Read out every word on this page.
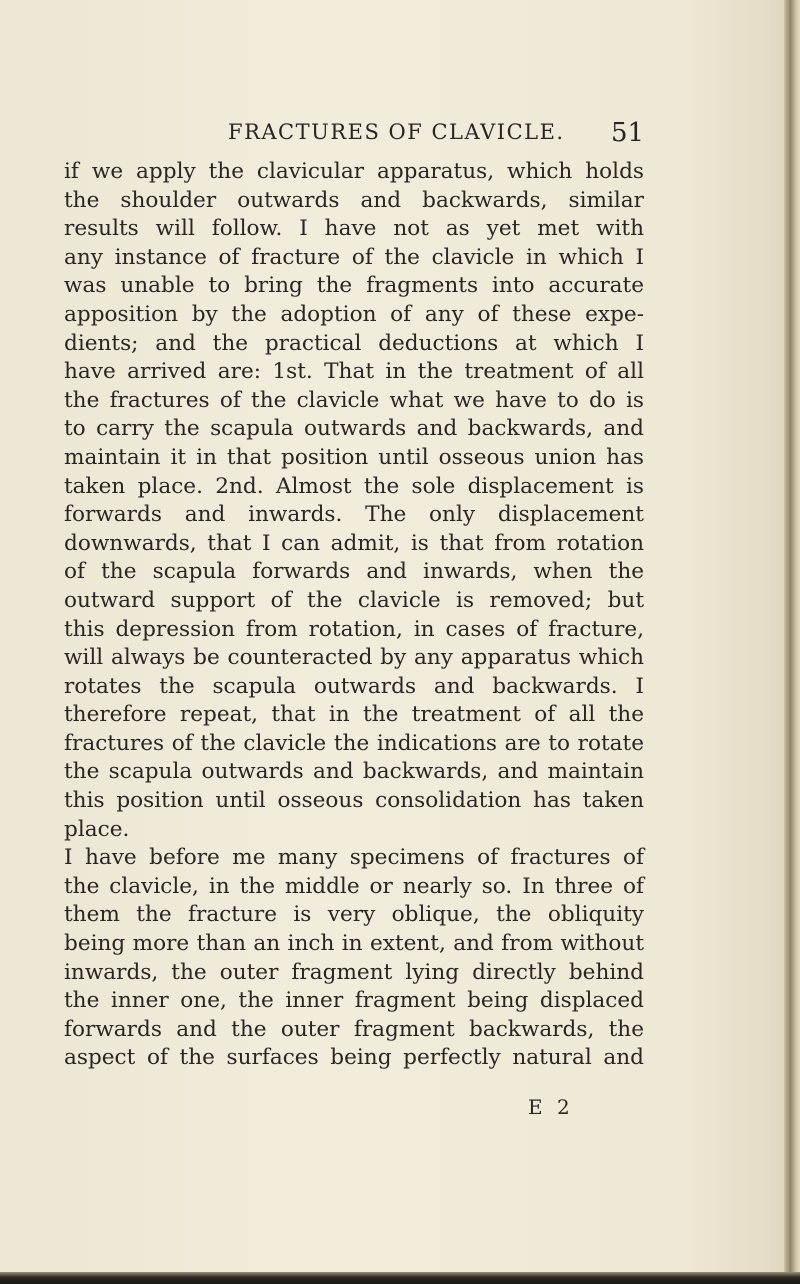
FRACTURES OF CLAVICLE. 51
if we apply the clavicular apparatus, which holds
the shoulder outwards and backwards, similar
results will follow. I have not as yet met with
any instance of fracture of the clavicle in which I
was unable to bring the fragments into accurate
apposition by the adoption of any of these expe-
dients; and the practical deductions at which I
have arrived are: 1st. That in the treatment of all
the fractures of the clavicle what we have to do is
to carry the scapula outwards and backwards, and
maintain it in that position until osseous union has
taken place. 2nd. Almost the sole displacement is
forwards and inwards. The only displacement
downwards, that I can admit, is that from rotation
of the scapula forwards and inwards, when the
outward support of the clavicle is removed; but
this depression from rotation, in cases of fracture,
will always be counteracted by any apparatus which
rotates the scapula outwards and backwards. I
therefore repeat, that in the treatment of all the
fractures of the clavicle the indications are to rotate
the scapula outwards and backwards, and maintain
this position until osseous consolidation has taken
place.
I have before me many specimens of fractures of
the clavicle, in the middle or nearly so. In three of
them the fracture is very oblique, the obliquity
being more than an inch in extent, and from without
inwards, the outer fragment lying directly behind
the inner one, the inner fragment being displaced
forwards and the outer fragment backwards, the
aspect of the surfaces being perfectly natural and
E 2
